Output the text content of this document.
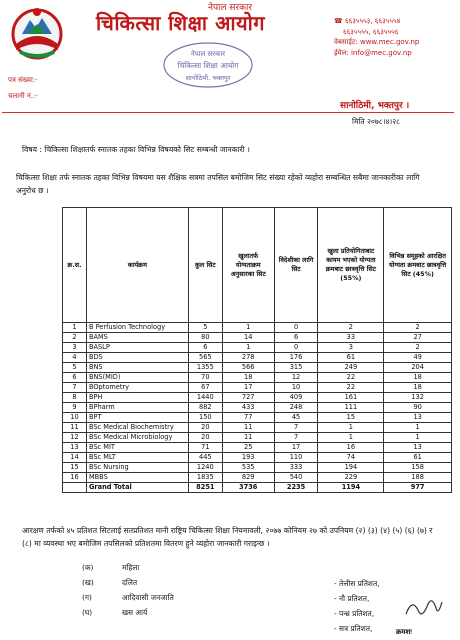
नेपाल सरकार
चिकित्सा शिक्षा आयोग
नेपाल सरकार
चिकित्सा शिक्षा आयोग
सानोठिमी, भक्तपुर
☎ ६६३५५५३, ६६३५५५४
६६३५५५५, ६६३५५५६
वेबसाईट: www.mec.gov.np
ईमेल: info@mec.gov.np
पत्र संख्या:-
चलानी नं.:-
सानोठिमी, भक्तपुर ।
मिति २०७८।४।२८
विषय : चिकित्सा शिक्षातर्फ स्नातक तहका विभिन्न विषयको सिट सम्बन्धी जानकारी ।
चिकित्सा शिक्षा तर्फ स्नातक तहका विभिन्न विषयमा यस शैक्षिक सत्रमा तपसिल बमोजिम सिट संख्या रहेको व्यहोरा सम्बन्धित सबैमा जानकारीका लागि अनुरोध छ ।
क्र.स.	कार्यक्रम	कुल सिट	खुलातर्फ योग्यताक्रम अनुसारका सिट	विदेशीका लागि सिट	खुला प्रतियोगिताबाट कायम भएको योग्यता क्रमबाट छात्रवृत्ति सिट (55%)	विभिन्न समूहको आरक्षित योग्यता क्रमबाट छात्रवृत्ति सिट (45%)
1	B Perfusion Technology	5	1	0	2	2
2	BAMS	80	14	6	33	27
3	BASLP	6	1	0	3	2
4	BDS	565	278	176	61	49
5	BNS	1355	566	315	249	204
6	BNS(MID)	70	18	12	22	18
7	BOptometry	67	17	10	22	18
8	BPH	1440	727	409	161	132
9	BPharm	882	433	248	111	90
10	BPT	150	77	45	15	13
11	BSc Medical Biochemistry	20	11	7	1	1
12	BSc Medical Microbiology	20	11	7	1	1
13	BSc MIT	71	25	17	16	13
14	BSc MLT	445	193	110	74	61
15	BSc Nursing	1240	535	333	194	158
16	MBBS	1835	829	540	229	188
	Grand Total	8251	3736	2235	1194	977
आरक्षण तर्फको ४५ प्रतिशत सिटलाई सतप्रतिशत मानी राष्ट्रिय चिकित्सा शिक्षा नियमावली, २०७७ कोनियम २७ को उपनियम (२) (३) (४) (५) (६) (७) र (८) मा व्यवस्था भए बमोजिम तपसिलको प्रतिशतमा वितरण हुने व्यहोरा जानकारी गराइन्छ ।
(क)	महिला
(ख)	दलित
(ग)	आदिवासी जनजाति
(घ)	खस आर्य
- तेत्तीस प्रतिशत,
- नौ प्रतिशत,
- पन्ध्र प्रतिशत,
- सत्र प्रतिशत,	क्रमशः
